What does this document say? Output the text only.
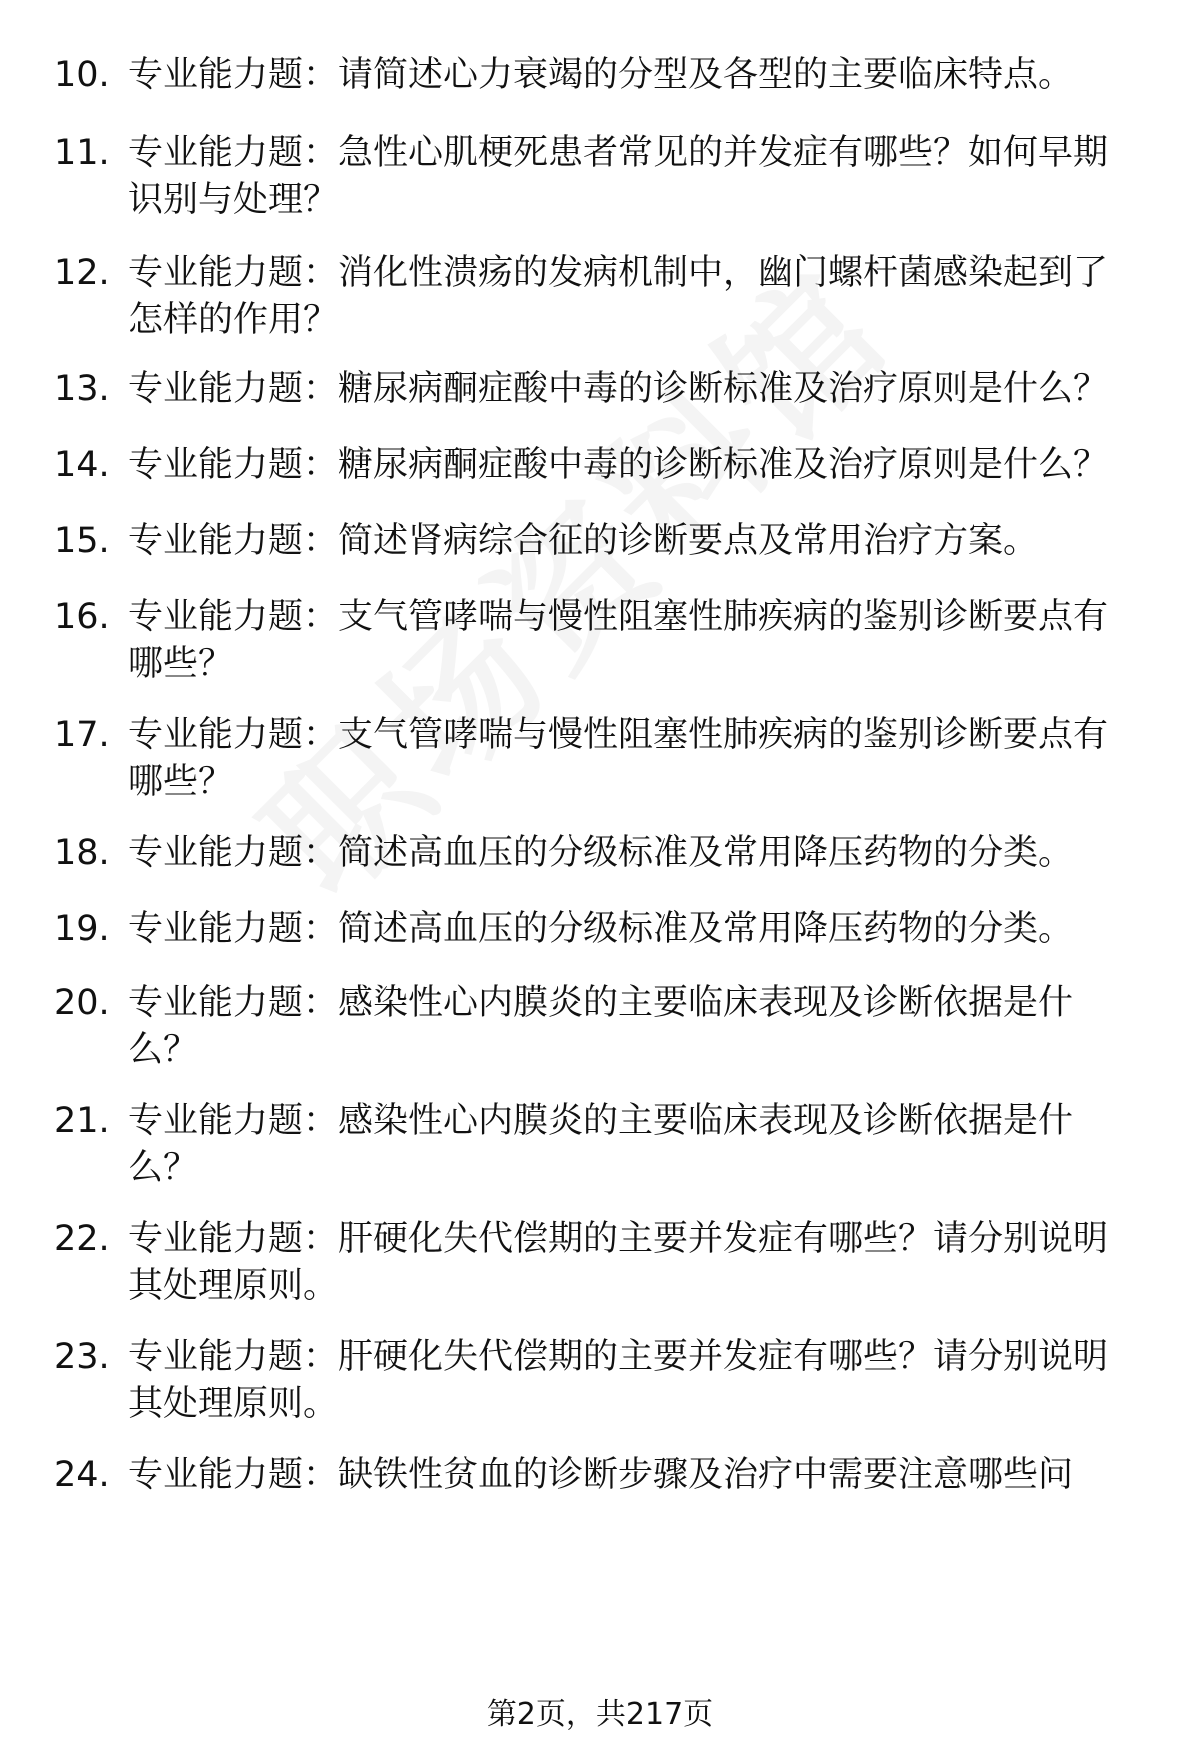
10. 专业能力题：请简述心力衰竭的分型及各型的主要临床特点。
11. 专业能力题：急性心肌梗死患者常见的并发症有哪些？如何早期识别与处理？
12. 专业能力题：消化性溃疡的发病机制中，幽门螺杆菌感染起到了怎样的作用？
13. 专业能力题：糖尿病酮症酸中毒的诊断标准及治疗原则是什么？
14. 专业能力题：糖尿病酮症酸中毒的诊断标准及治疗原则是什么？
15. 专业能力题：简述肾病综合征的诊断要点及常用治疗方案。
16. 专业能力题：支气管哮喘与慢性阻塞性肺疾病的鉴别诊断要点有哪些？
17. 专业能力题：支气管哮喘与慢性阻塞性肺疾病的鉴别诊断要点有哪些？
18. 专业能力题：简述高血压的分级标准及常用降压药物的分类。
19. 专业能力题：简述高血压的分级标准及常用降压药物的分类。
20. 专业能力题：感染性心内膜炎的主要临床表现及诊断依据是什么？
21. 专业能力题：感染性心内膜炎的主要临床表现及诊断依据是什么？
22. 专业能力题：肝硬化失代偿期的主要并发症有哪些？请分别说明其处理原则。
23. 专业能力题：肝硬化失代偿期的主要并发症有哪些？请分别说明其处理原则。
24. 专业能力题：缺铁性贫血的诊断步骤及治疗中需要注意哪些问
第2页，共217页
